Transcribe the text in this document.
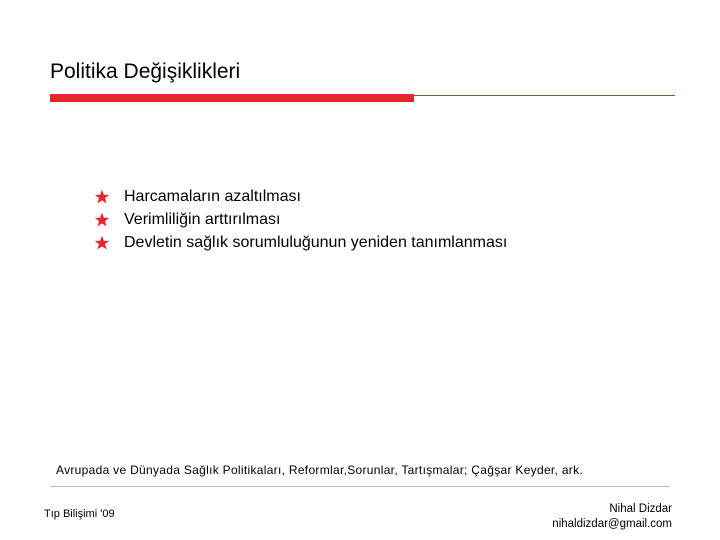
Politika Değişiklikleri
Harcamaların azaltılması
Verimliliğin arttırılması
Devletin sağlık sorumluluğunun yeniden tanımlanması
Avrupada ve Dünyada Sağlık Politikaları, Reformlar,Sorunlar, Tartışmalar; Çağşar Keyder, ark.
Tıp Bilişimi '09	Nihal Dizdar
nihaldizdar@gmail.com
